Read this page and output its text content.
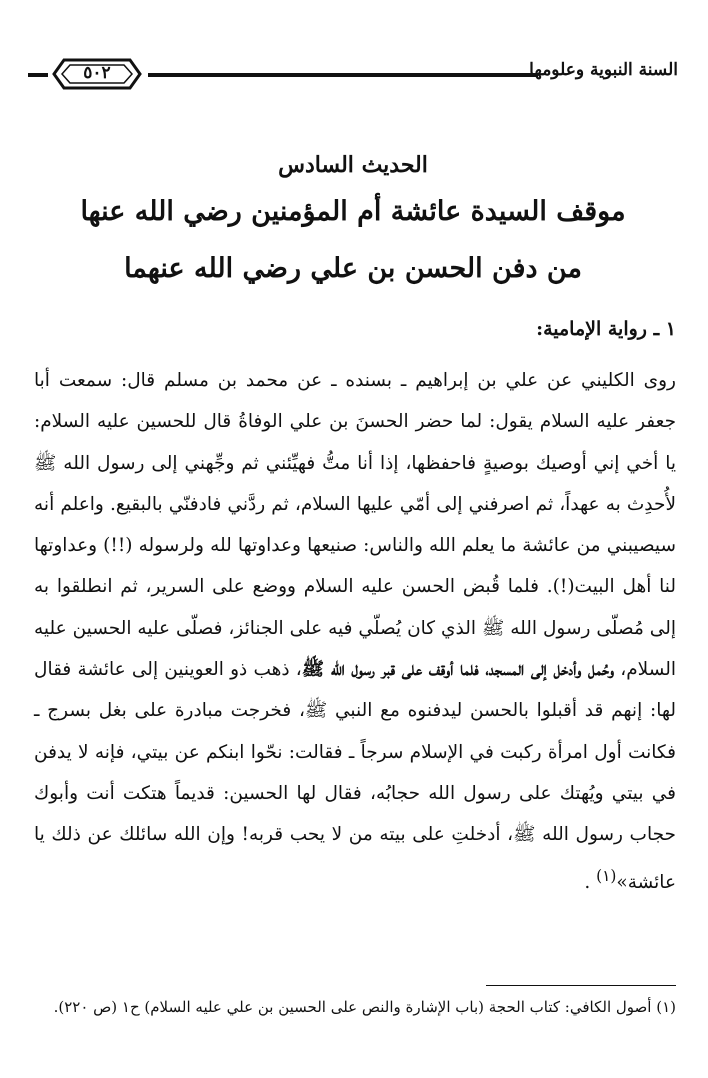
٥٠٢	السنة النبوية وعلومها
الحديث السادس
موقف السيدة عائشة أم المؤمنين رضي الله عنها
من دفن الحسن بن علي رضي الله عنهما
١ ـ رواية الإمامية:
روى الكليني عن علي بن إبراهيم ـ بسنده ـ عن محمد بن مسلم قال: سمعت أبا جعفر عليه السلام يقول: لما حضر الحسنَ بن علي الوفاةُ قال للحسين عليه السلام: يا أخي إني أوصيك بوصيةٍ فاحفظها، إذا أنا متُّ فهيِّئني ثم وجِّهني إلى رسول الله ﷺ لأُحدِث به عهداً، ثم اصرفني إلى أمّي عليها السلام، ثم ردَّني فادفنّي بالبقيع. واعلم أنه سيصيبني من عائشة ما يعلم الله والناس: صنيعها وعداوتها لله ولرسوله (!!) وعداوتها لنا أهل البيت(!). فلما قُبض الحسن عليه السلام ووضع على السرير، ثم انطلقوا به إلى مُصلّى رسول الله ﷺ الذي كان يُصلّي فيه على الجنائز، فصلّى عليه الحسين عليه السلام، وحُمل وأدخل إلى المسجد، فلما أوقف على قبر رسول الله ﷺ، ذهب ذو العوينين إلى عائشة فقال لها: إنهم قد أقبلوا بالحسن ليدفنوه مع النبي ﷺ، فخرجت مبادرة على بغل بسرج ـ فكانت أول امرأة ركبت في الإسلام سرجاً ـ فقالت: نحّوا ابنكم عن بيتي، فإنه لا يدفن في بيتي ويُهتك على رسول الله حجابُه، فقال لها الحسين: قديماً هتكت أنت وأبوك حجاب رسول الله ﷺ، أدخلتِ على بيته من لا يحب قربه! وإن الله سائلك عن ذلك يا عائشة»$^{(١)}$ .
(١) أصول الكافي: كتاب الحجة (باب الإشارة والنص على الحسين بن علي عليه السلام) ح١ (ص ٢٢٠).
